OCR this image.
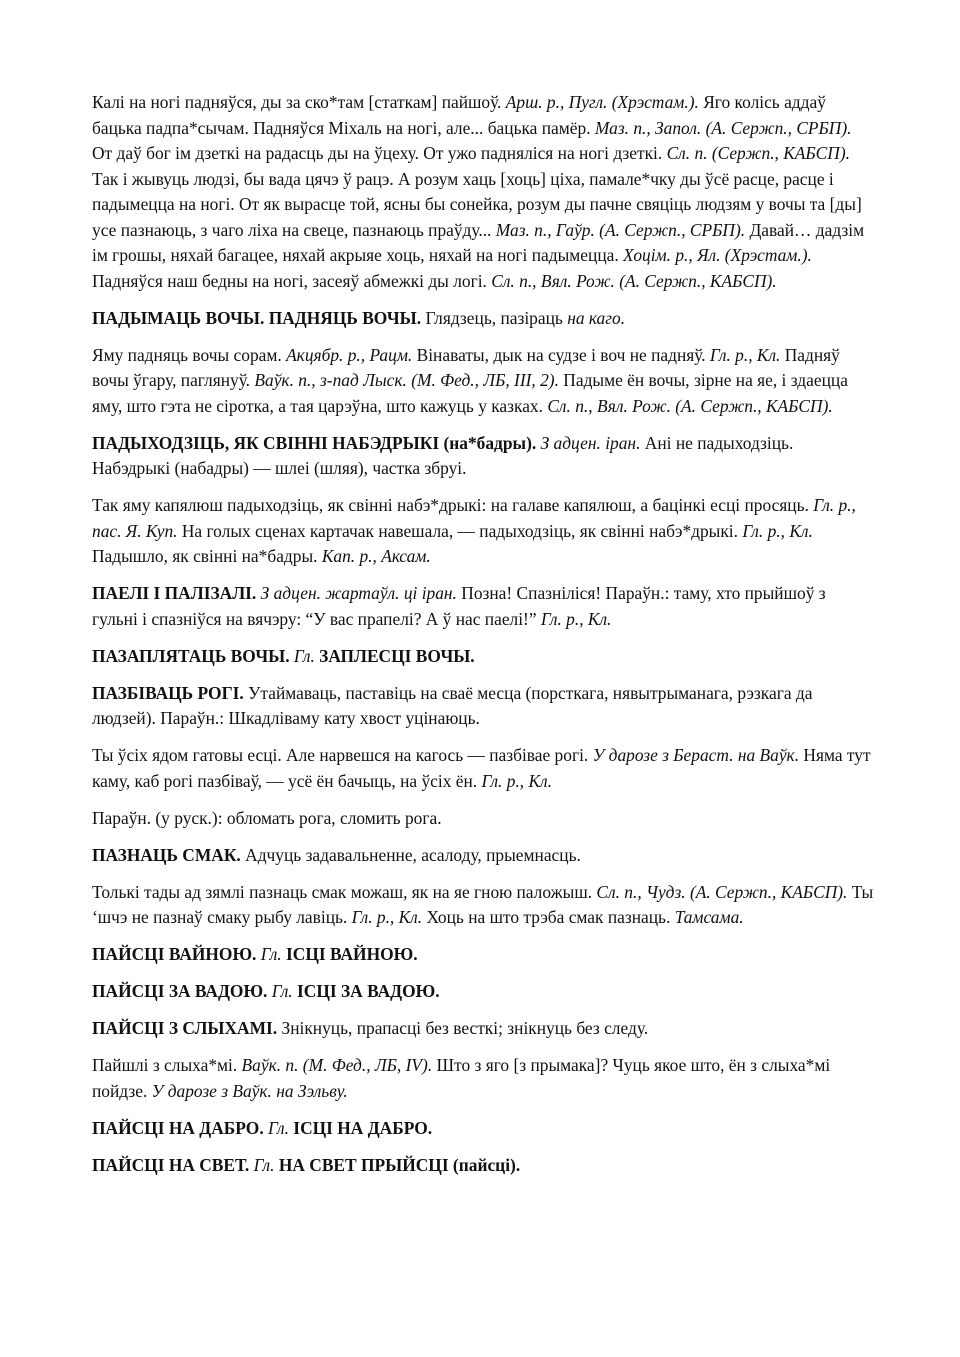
Калі на ногі падняўся, ды за ско*там [статкам] пайшоў. Арш. р., Пугл. (Хрэстам.). Яго колісь аддаў бацька падпа*сычам. Падняўся Міхаль на ногі, але... бацька памёр. Маз. п., Запол. (А. Сержп., СРБП). От даў бог ім дзеткі на радасць ды на ўцеху. От ужо падняліся на ногі дзеткі. Сл. п. (Сержп., КАБСП). Так і жывуць людзі, бы вада цячэ ў рацэ. А розум хаць [хоць] ціха, памале*чку ды ўсё расце, расце і падымецца на ногі. От як вырасце той, ясны бы сонейка, розум ды пачне свяціць людзям у вочы та [ды] усе пазнаюць, з чаго ліха на свеце, пазнаюць праўду... Маз. п., Гаўр. (А. Сержп., СРБП). Давай… дадзім ім грошы, няхай багацее, няхай акрыяе хоць, няхай на ногі падымецца. Хоцім. р., Ял. (Хрэстам.). Падняўся наш бедны на ногі, засеяў абмежкі ды логі. Сл. п., Вял. Рож. (А. Сержп., КАБСП).

ПАДЫМАЦЬ ВОЧЫ. ПАДНЯЦЬ ВОЧЫ. Глядзець, пазіраць на каго.

Яму падняць вочы сорам. Акцябр. р., Рацм. Вінаваты, дык на судзе і воч не падняў. Гл. р., Кл. Падняў вочы ўгару, паглянуў. Ваўк. п., з-пад Лыск. (М. Фед., ЛБ, III, 2). Падыме ён вочы, зірне на яе, і здаецца яму, што гэта не сіротка, а тая царэўна, што кажуць у казках. Сл. п., Вял. Рож. (А. Сержп., КАБСП).

ПАДЫХОДЗІЦЬ, ЯК СВІННІ НАБЭДРЫКІ (на*бадры). З адцен. іран. Ані не падыходзіць. Набэдрыкі (набадры) — шлеі (шляя), частка збруі.

Так яму капялюш падыходзіць, як свінні набэ*дрыкі: на галаве капялюш, а бацінкі есці просяць. Гл. р., пас. Я. Куп. На голых сценах картачак навешала, — падыходзіць, як свінні набэ*дрыкі. Гл. р., Кл. Падышло, як свінні на*бадры. Кап. р., Аксам.

ПАЕЛІ І ПАЛІЗАЛІ. З адцен. жартаўл. ці іран. Позна! Спазніліся! Параўн.: таму, хто прыйшоў з гульні і спазніўся на вячэру: “У вас прапелі? А ў нас паелі!” Гл. р., Кл.

ПАЗАПЛЯТАЦЬ ВОЧЫ. Гл. ЗАПЛЕСЦІ ВОЧЫ.

ПАЗБІВАЦЬ РОГІ. Утаймаваць, паставіць на сваё месца (порсткага, нявытрыманага, рэзкага да людзей). Параўн.: Шкадліваму кату хвост уцінаюць.

Ты ўсіх ядом гатовы есці. Але нарвешся на кагось — пазбівае рогі. У дарозе з Бераст. на Ваўк. Няма тут каму, каб рогі пазбіваў, — усё ён бачыць, на ўсіх ён. Гл. р., Кл.

Параўн. (у руск.): обломать рога, сломить рога.

ПАЗНАЦЬ СМАК. Адчуць задавальненне, асалоду, прыемнасць.

Толькі тады ад зямлі пазнаць смак можаш, як на яе гною паложыш. Сл. п., Чудз. (А. Сержп., КАБСП). Ты ‘шчэ не пазнаў смаку рыбу лавіць. Гл. р., Кл. Хоць на што трэба смак пазнаць. Тамсама.

ПАЙСЦІ ВАЙНОЮ. Гл. ІСЦІ ВАЙНОЮ.

ПАЙСЦІ ЗА ВАДОЮ. Гл. ІСЦІ ЗА ВАДОЮ.

ПАЙСЦІ З СЛЫХАМІ. Знікнуць, прапасці без весткі; знікнуць без следу.

Пайшлі з слыха*мі. Ваўк. п. (М. Фед., ЛБ, IV). Што з яго [з прымака]? Чуць якое што, ён з слыха*мі пойдзе. У дарозе з Ваўк. на Зэльву.

ПАЙСЦІ НА ДАБРО. Гл. ІСЦІ НА ДАБРО.

ПАЙСЦІ НА СВЕТ. Гл. НА СВЕТ ПРЫЙСЦІ (пайсці).
